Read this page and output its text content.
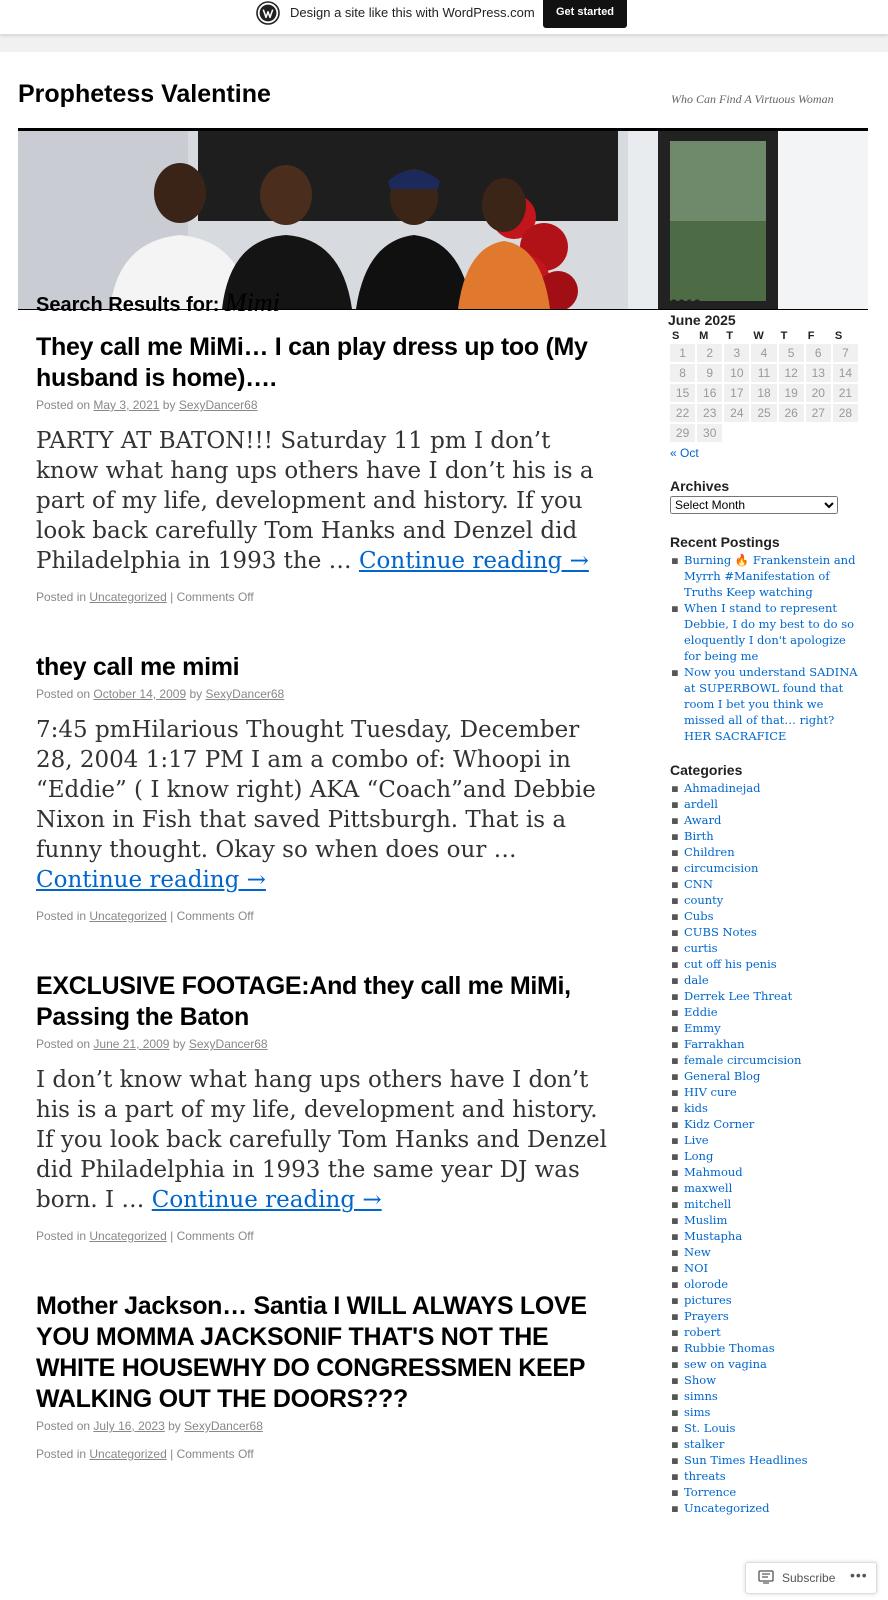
Design a site like this with WordPress.com	Get started
Prophetess Valentine	Who Can Find A Virtuous Woman
Search Results for: Mimi
They call me MiMi… I can play dress up too (My husband is home)….
Posted on May 3, 2021 by SexyDancer68

PARTY AT BATON!!! Saturday 11 pm I don’t know what hang ups others have I don’t his is a part of my life, development and history. If you look back carefully Tom Hanks and Denzel did Philadelphia in 1993 the … Continue reading →

Posted in Uncategorized | Comments Off
they call me mimi
Posted on October 14, 2009 by SexyDancer68

7:45 pmHilarious Thought Tuesday, December 28, 2004 1:17 PM I am a combo of: Whoopi in “Eddie” ( I know right) AKA “Coach”and Debbie Nixon in Fish that saved Pittsburgh. That is a funny thought. Okay so when does our … Continue reading →

Posted in Uncategorized | Comments Off
EXCLUSIVE FOOTAGE:And they call me MiMi, Passing the Baton
Posted on June 21, 2009 by SexyDancer68

I don’t know what hang ups others have I don’t his is a part of my life, development and history. If you look back carefully Tom Hanks and Denzel did Philadelphia in 1993 the same year DJ was born. I … Continue reading →

Posted in Uncategorized | Comments Off
Mother Jackson… Santia I WILL ALWAYS LOVE YOU MOMMA JACKSONIF THAT'S NOT THE WHITE HOUSEWHY DO CONGRESSMEN KEEP WALKING OUT THE DOORS???
Posted on July 16, 2023 by SexyDancer68
Posted in Uncategorized | Comments Off
2010
June 2025
S	M	T	W	T	F	S
1	2	3	4	5	6	7
8	9	10	11	12	13	14
15	16	17	18	19	20	21
22	23	24	25	26	27	28
29	30					
« Oct
Archives
Select Month
Recent Postings
▪ Burning 🔥 Frankenstein and Myrrh #Manifestation of Truths Keep watching
▪ When I stand to represent Debbie, I do my best to do so eloquently I don't apologize for being me
▪ Now you understand SADINA at SUPERBOWL found that room I bet you think we missed all of that… right?HER SACRAFICE
Categories
▪ Ahmadinejad
▪ ardell
▪ Award
▪ Birth
▪ Children
▪ circumcision
▪ CNN
▪ county
▪ Cubs
▪ CUBS Notes
▪ curtis
▪ cut off his penis
▪ dale
▪ Derrek Lee Threat
▪ Eddie
▪ Emmy
▪ Farrakhan
▪ female circumcision
▪ General Blog
▪ HIV cure
▪ kids
▪ Kidz Corner
▪ Live
▪ Long
▪ Mahmoud
▪ maxwell
▪ mitchell
▪ Muslim
▪ Mustapha
▪ New
▪ NOI
▪ olorode
▪ pictures
▪ Prayers
▪ robert
▪ Rubbie Thomas
▪ sew on vagina
▪ Show
▪ simns
▪ sims
▪ St. Louis
▪ stalker
▪ Sun Times Headlines
▪ threats
▪ Torrence
▪ Uncategorized
Subscribe •••
